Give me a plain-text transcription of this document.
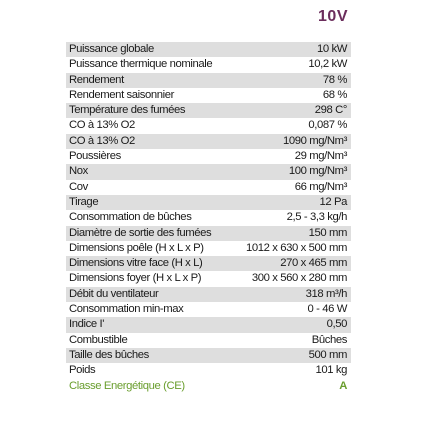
10V
Puissance globale	10 kW
Puissance thermique nominale	10,2 kW
Rendement	78 %
Rendement saisonnier	68 %
Température des fumées	298 C°
CO à 13% O2	0,087 %
CO à 13% O2	1090 mg/Nm³
Poussières	29 mg/Nm³
Nox	100 mg/Nm³
Cov	66 mg/Nm³
Tirage	12 Pa
Consommation de bûches	2,5 - 3,3 kg/h
Diamètre de sortie des fumées	150 mm
Dimensions poêle (H x L x P)	1012 x 630 x 500 mm
Dimensions vitre face (H x L)	270 x 465 mm
Dimensions foyer (H x L x P)	300 x 560 x 280 mm
Débit du ventilateur	318 m³/h
Consommation min-max	0 - 46 W
Indice I'	0,50
Combustible	Bûches
Taille des bûches	500 mm
Poids	101 kg
Classe Energétique (CE)	A
